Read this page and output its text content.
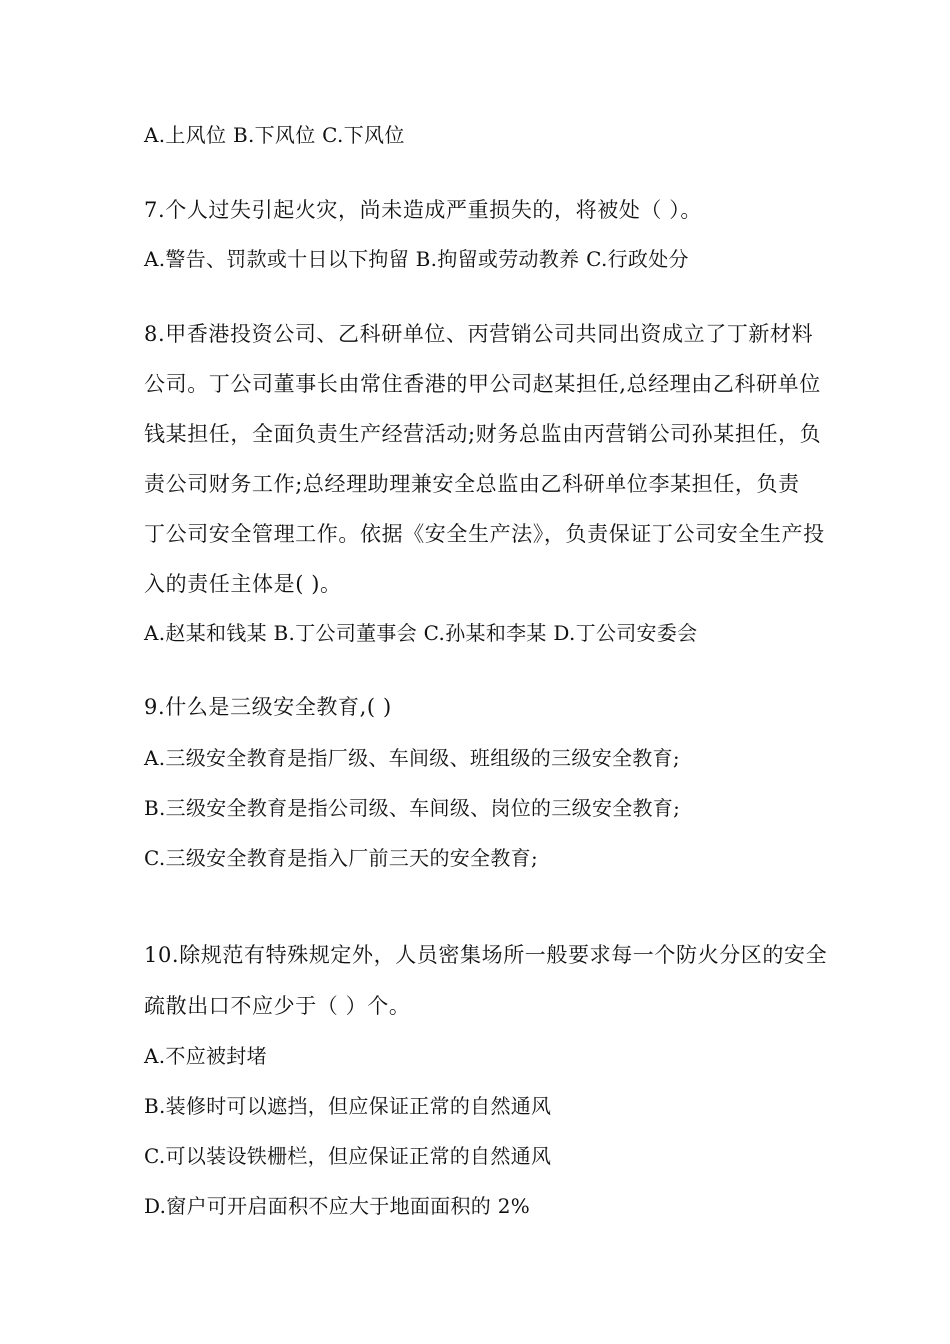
A.上风位 B.下风位 C.下风位
7.个人过失引起火灾，尚未造成严重损失的，将被处（ ）。
A.警告、罚款或十日以下拘留 B.拘留或劳动教养 C.行政处分
8.甲香港投资公司、乙科研单位、丙营销公司共同出资成立了丁新材料
公司。丁公司董事长由常住香港的甲公司赵某担任,总经理由乙科研单位
钱某担任，全面负责生产经营活动;财务总监由丙营销公司孙某担任，负
责公司财务工作;总经理助理兼安全总监由乙科研单位李某担任，负责
丁公司安全管理工作。依据《安全生产法》，负责保证丁公司安全生产投
入的责任主体是( )。
A.赵某和钱某 B.丁公司董事会 C.孙某和李某 D.丁公司安委会
9.什么是三级安全教育,( )
A.三级安全教育是指厂级、车间级、班组级的三级安全教育;
B.三级安全教育是指公司级、车间级、岗位的三级安全教育;
C.三级安全教育是指入厂前三天的安全教育;
10.除规范有特殊规定外，人员密集场所一般要求每一个防火分区的安全
疏散出口不应少于（ ）个。
A.不应被封堵
B.装修时可以遮挡，但应保证正常的自然通风
C.可以装设铁栅栏，但应保证正常的自然通风
D.窗户可开启面积不应大于地面面积的 2%
